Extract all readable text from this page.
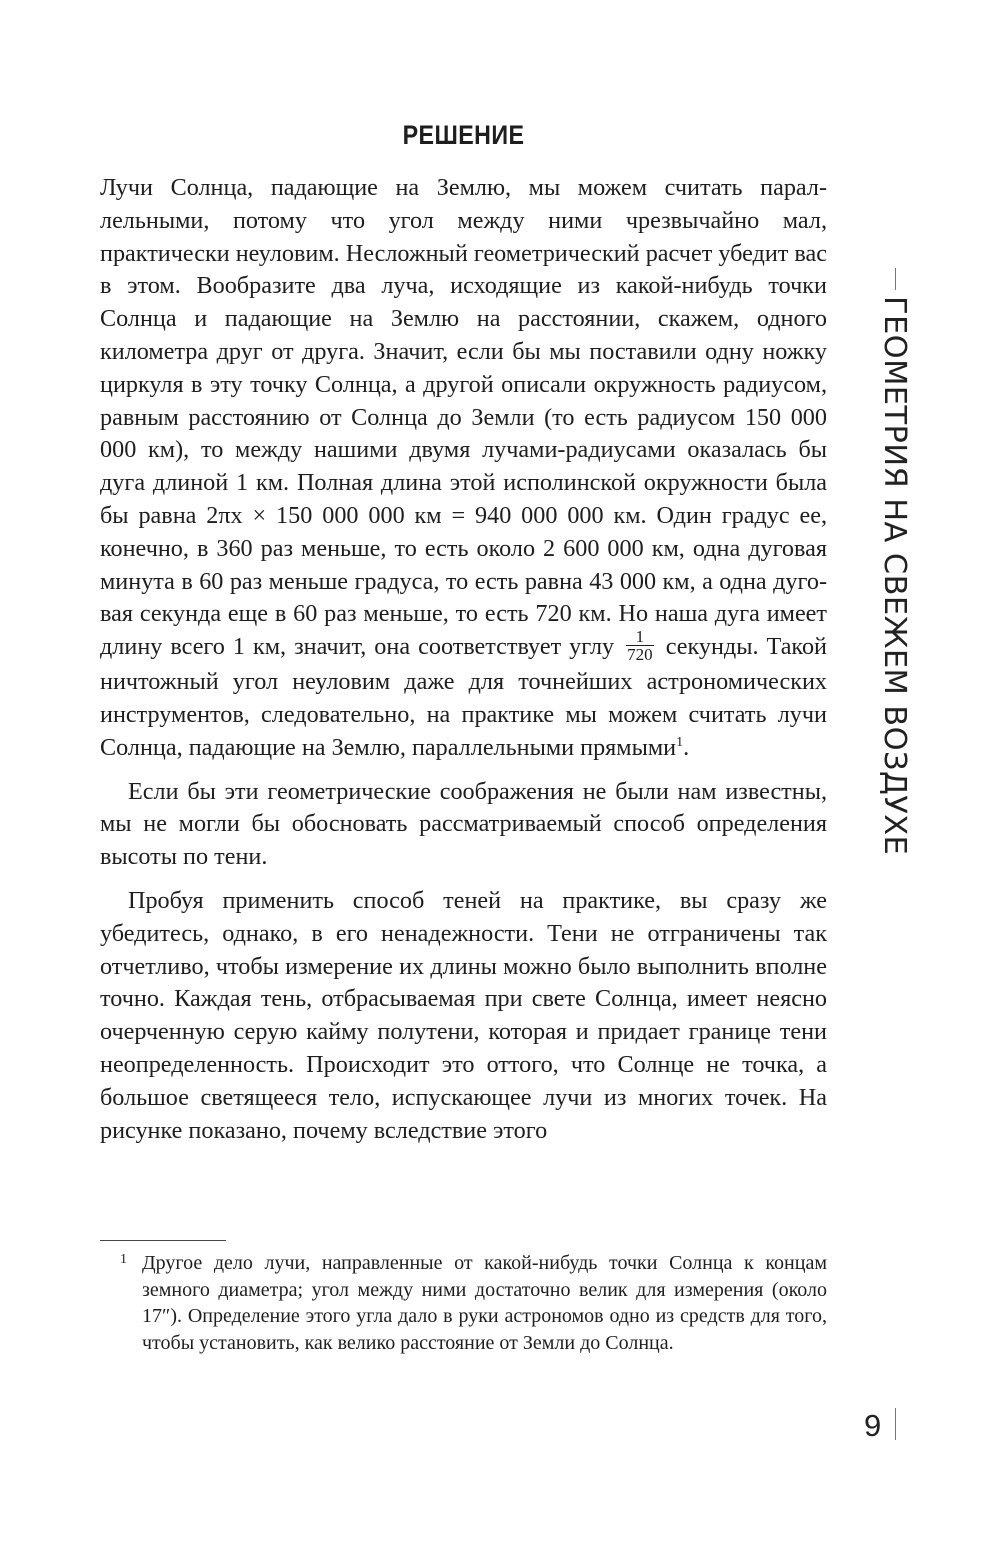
РЕШЕНИЕ

Лучи Солнца, падающие на Землю, мы можем считать параллельными, потому что угол между ними чрезвычайно мал, практически неуловим. Несложный геометрический расчет убедит вас в этом. Вообразите два луча, исходящие из какой-нибудь точки Солнца и падающие на Землю на расстоянии, скажем, одного километра друг от друга. Значит, если бы мы поставили одну ножку циркуля в эту точку Солнца, а другой описали окружность радиусом, равным расстоянию от Солнца до Земли (то есть радиусом 150 000 000 км), то между нашими двумя лучами-радиусами оказалась бы дуга длиной 1 км. Полная длина этой исполинской окружности была бы равна 2πx × 150 000 000 км = 940 000 000 км. Один градус ее, конечно, в 360 раз меньше, то есть около 2 600 000 км, одна дуговая минута в 60 раз меньше градуса, то есть равна 43 000 км, а одна дуговая секунда еще в 60 раз меньше, то есть 720 км. Но наша дуга имеет длину всего 1 км, значит, она соответствует углу $\frac{1}{720}$ секунды. Такой ничтожный угол неуловим даже для точнейших астрономических инструментов, следовательно, на практике мы можем считать лучи Солнца, падающие на Землю, параллельными прямыми$^1$.

Если бы эти геометрические соображения не были нам известны, мы не могли бы обосновать рассматриваемый способ определения высоты по тени.

Пробуя применить способ теней на практике, вы сразу же убедитесь, однако, в его ненадежности. Тени не отграничены так отчетливо, чтобы измерение их длины можно было выполнить вполне точно. Каждая тень, отбрасываемая при свете Солнца, имеет неясно очерченную серую кайму полутени, которая и придает границе тени неопределенность. Происходит это оттого, что Солнце не точка, а большое светящееся тело, испускающее лучи из многих точек. На рисунке показано, почему вследствие этого

1 Другое дело лучи, направленные от какой-нибудь точки Солнца к концам земного диаметра; угол между ними достаточно велик для измерения (около 17″). Определение этого угла дало в руки астрономов одно из средств для того, чтобы установить, как велико расстояние от Земли до Солнца.
ГЕОМЕТРИЯ НА СВЕЖЕМ ВОЗДУХЕ
9
